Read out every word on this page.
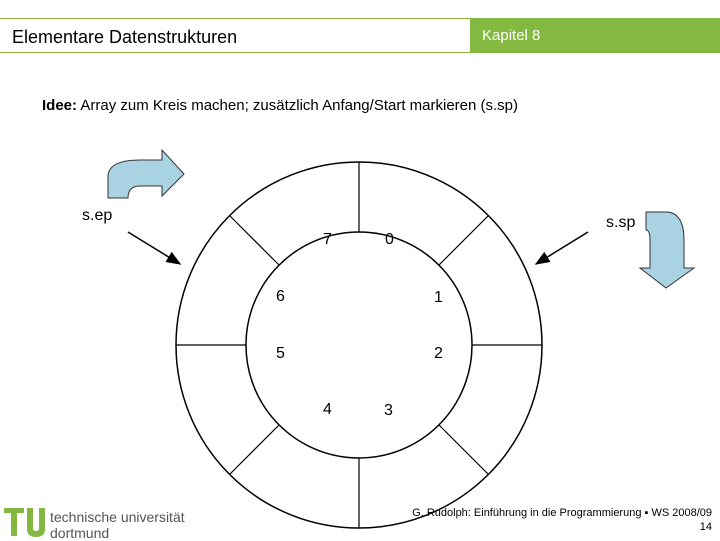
Elementare Datenstrukturen	Kapitel 8
Idee: Array zum Kreis machen; zusätzlich Anfang/Start markieren (s.sp)
s.ep	s.sp
0
1
2
3
4
5
6
7
technische universität
dortmund
G. Rudolph: Einführung in die Programmierung ▪ WS 2008/09
14
